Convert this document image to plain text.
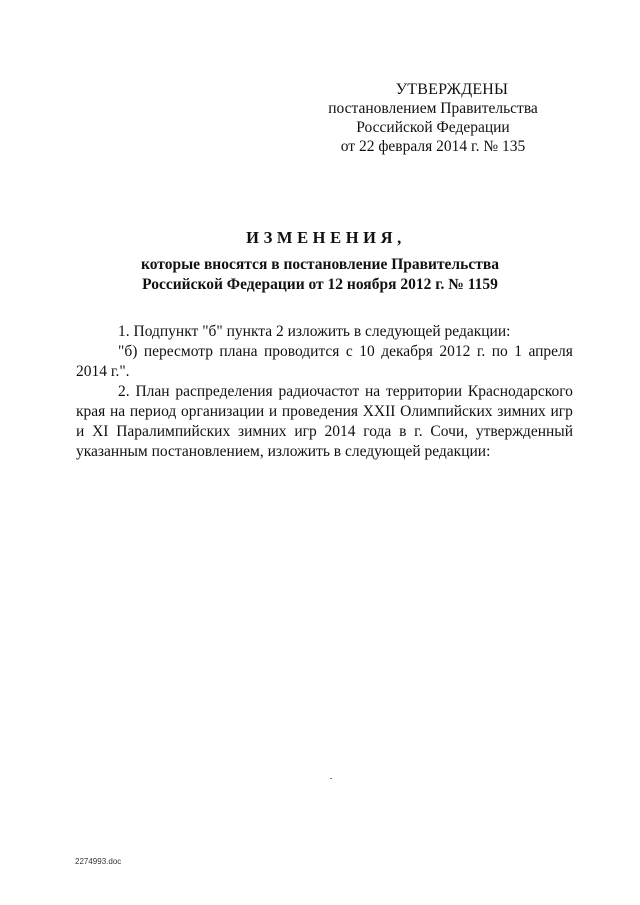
УТВЕРЖДЕНЫ
постановлением Правительства
Российской Федерации
от 22 февраля 2014 г. № 135
ИЗМЕНЕНИЯ,
которые вносятся в постановление Правительства
Российской Федерации от 12 ноября 2012 г. № 1159
1. Подпункт "б" пункта 2 изложить в следующей редакции:
"б) пересмотр плана проводится с 10 декабря 2012 г. по 1 апреля
2014 г.".
2. План распределения радиочастот на территории Краснодарского
края на период организации и проведения XXII Олимпийских зимних игр
и XI Паралимпийских зимних игр 2014 года в г. Сочи, утвержденный
указанным постановлением, изложить в следующей редакции:
2274993.doc
